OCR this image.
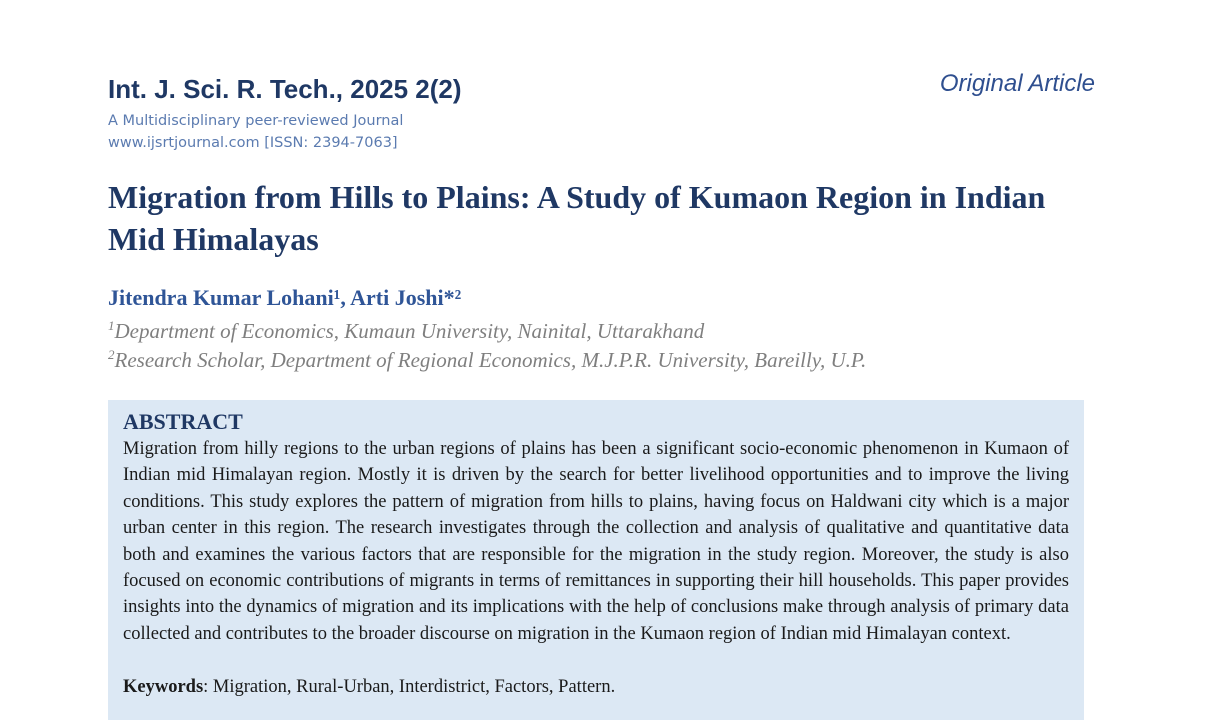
Int. J. Sci. R. Tech., 2025 2(2)	Original Article
A Multidisciplinary peer-reviewed Journal
www.ijsrtjournal.com [ISSN: 2394-7063]
Migration from Hills to Plains: A Study of Kumaon Region in Indian Mid Himalayas
Jitendra Kumar Lohani¹, Arti Joshi*²
$^1$Department of Economics, Kumaun University, Nainital, Uttarakhand
$^2$Research Scholar, Department of Regional Economics, M.J.P.R. University, Bareilly, U.P.
ABSTRACT

Migration from hilly regions to the urban regions of plains has been a significant socio-economic phenomenon in Kumaon of Indian mid Himalayan region. Mostly it is driven by the search for better livelihood opportunities and to improve the living conditions. This study explores the pattern of migration from hills to plains, having focus on Haldwani city which is a major urban center in this region. The research investigates through the collection and analysis of qualitative and quantitative data both and examines the various factors that are responsible for the migration in the study region. Moreover, the study is also focused on economic contributions of migrants in terms of remittances in supporting their hill households. This paper provides insights into the dynamics of migration and its implications with the help of conclusions make through analysis of primary data collected and contributes to the broader discourse on migration in the Kumaon region of Indian mid Himalayan context.

Keywords: Migration, Rural-Urban, Interdistrict, Factors, Pattern.
